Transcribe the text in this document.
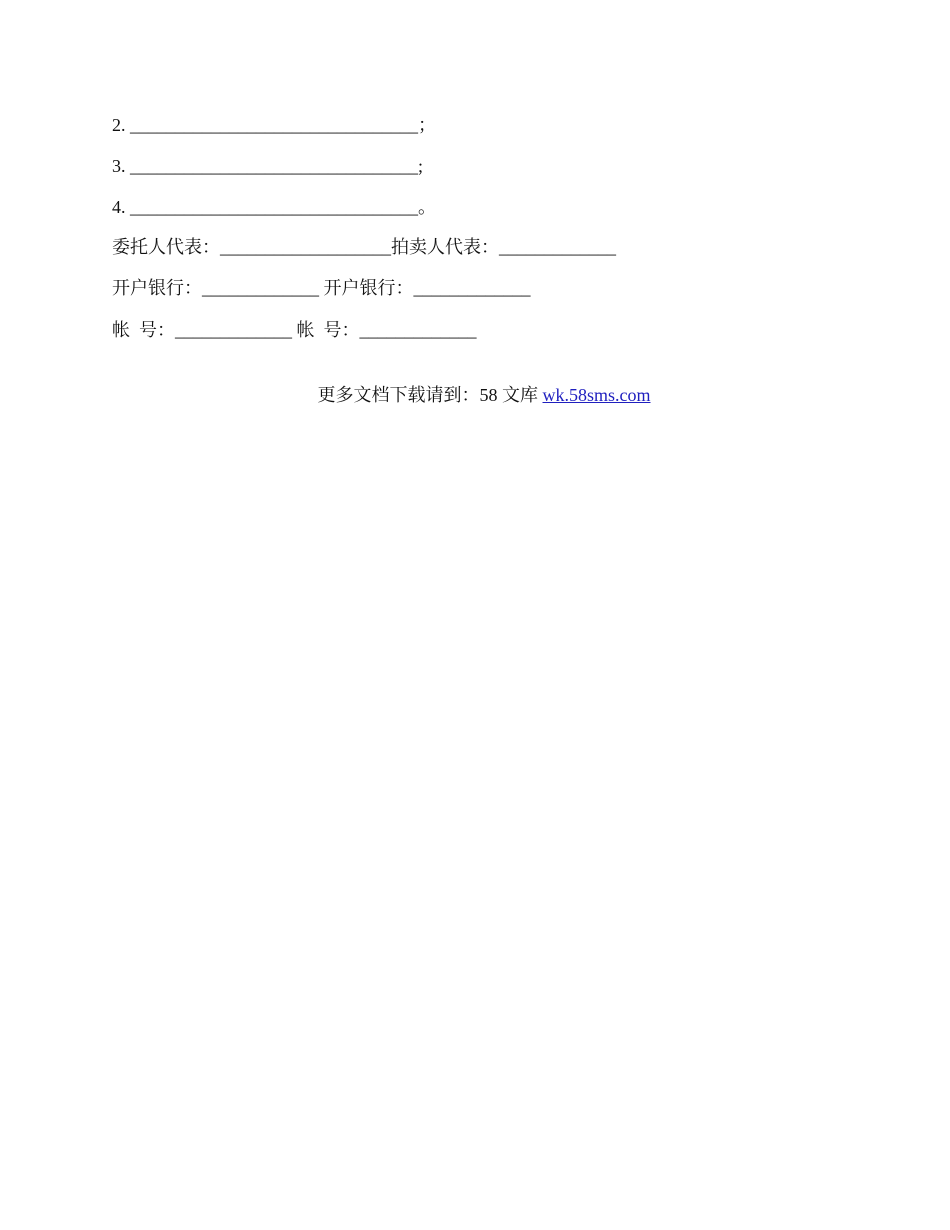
2. ________________________________；
3. ________________________________;
4. ________________________________。
委托人代表：___________________拍卖人代表：_____________
开户银行：_____________ 开户银行：_____________
帐  号：_____________ 帐  号：_____________

更多文档下载请到：58 文库 wk.58sms.com
